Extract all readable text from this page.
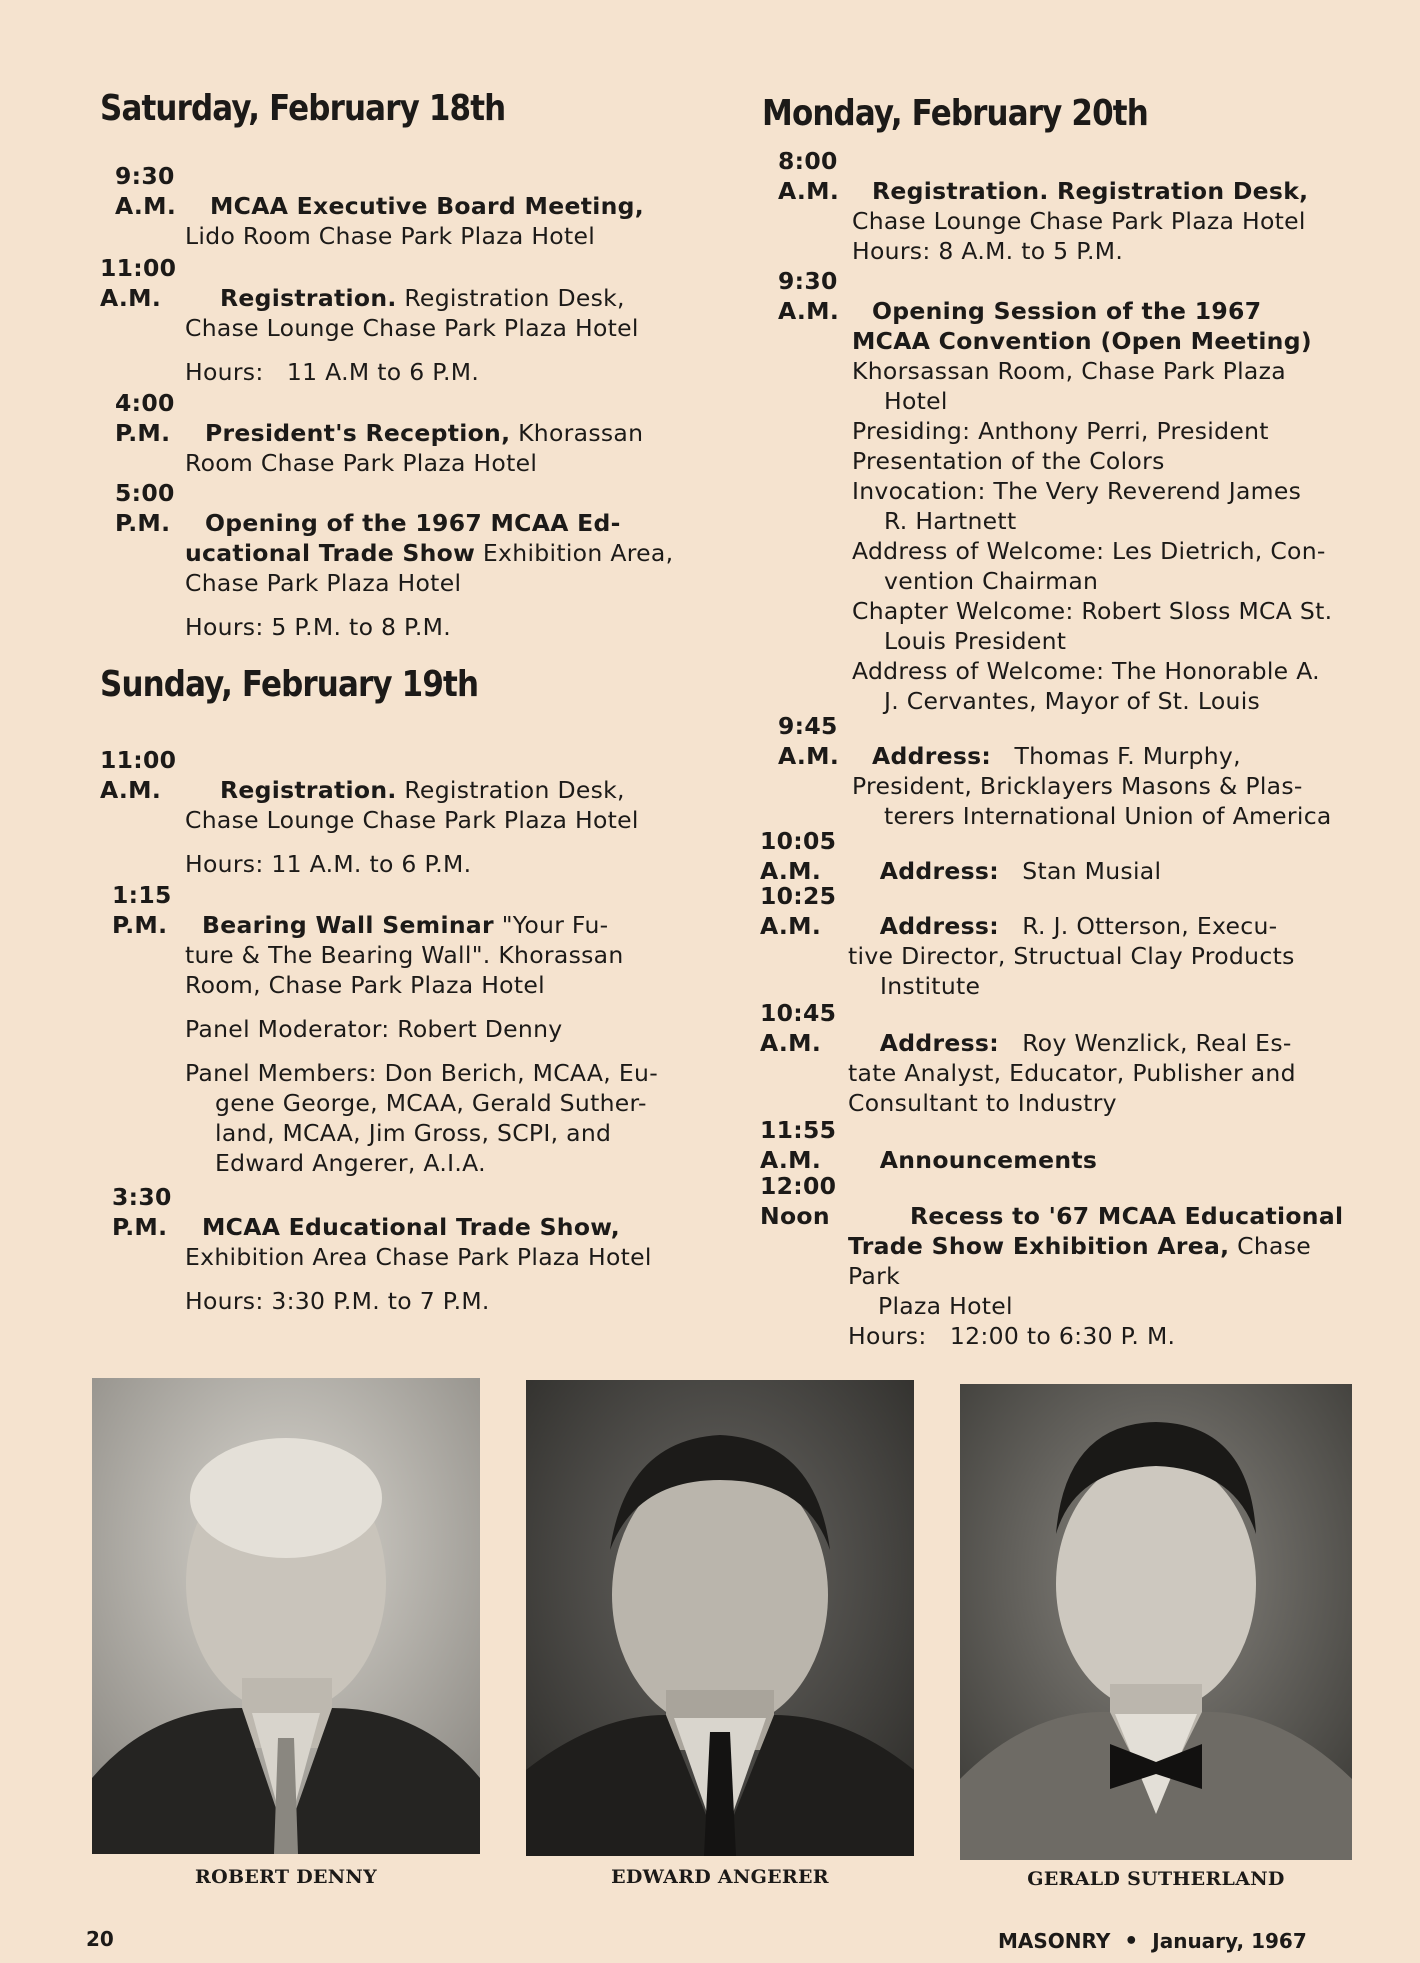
Saturday, February 18th
9:30 A.M. MCAA Executive Board Meeting,
Lido Room Chase Park Plaza Hotel
11:00 A.M.	Registration. Registration Desk,
Chase Lounge Chase Park Plaza Hotel
Hours: 11 A.M to 6 P.M.
4:00 P.M. President's Reception, Khorassan
Room Chase Park Plaza Hotel
5:00 P.M. Opening of the 1967 MCAA Ed-
ucational Trade Show Exhibition Area,
Chase Park Plaza Hotel
Hours: 5 P.M. to 8 P.M.
Sunday, February 19th
11:00 A.M.	Registration. Registration Desk,
Chase Lounge Chase Park Plaza Hotel
Hours: 11 A.M. to 6 P.M.
1:15 P.M. Bearing Wall Seminar "Your Fu-
ture & The Bearing Wall". Khorassan
Room, Chase Park Plaza Hotel
Panel Moderator: Robert Denny
Panel Members: Don Berich, MCAA, Eu-
gene George, MCAA, Gerald Suther-
land, MCAA, Jim Gross, SCPI, and
Edward Angerer, A.I.A.
3:30 P.M. MCAA Educational Trade Show,
Exhibition Area Chase Park Plaza Hotel
Hours: 3:30 P.M. to 7 P.M.
Monday, February 20th
8:00 A.M. Registration. Registration Desk,
Chase Lounge Chase Park Plaza Hotel
Hours: 8 A.M. to 5 P.M.
9:30 A.M. Opening Session of the 1967
MCAA Convention (Open Meeting)
Khorsassan Room, Chase Park Plaza
Hotel
Presiding: Anthony Perri, President
Presentation of the Colors
Invocation: The Very Reverend James
R. Hartnett
Address of Welcome: Les Dietrich, Con-
vention Chairman
Chapter Welcome: Robert Sloss MCA St.
Louis President
Address of Welcome: The Honorable A.
J. Cervantes, Mayor of St. Louis
9:45 A.M. Address: Thomas F. Murphy,
President, Bricklayers Masons & Plas-
terers International Union of America
10:05 A.M. Address: Stan Musial
10:25 A.M. Address: R. J. Otterson, Execu-
tive Director, Structual Clay Products
Institute
10:45 A.M. Address: Roy Wenzlick, Real Es-
tate Analyst, Educator, Publisher and
Consultant to Industry
11:55 A.M. Announcements
12:00 Noon	Recess to '67 MCAA Educational
Trade Show Exhibition Area, Chase Park
Plaza Hotel
Hours: 12:00 to 6:30 P. M.
ROBERT DENNY	EDWARD ANGERER	GERALD SUTHERLAND
20	MASONRY • January, 1967
